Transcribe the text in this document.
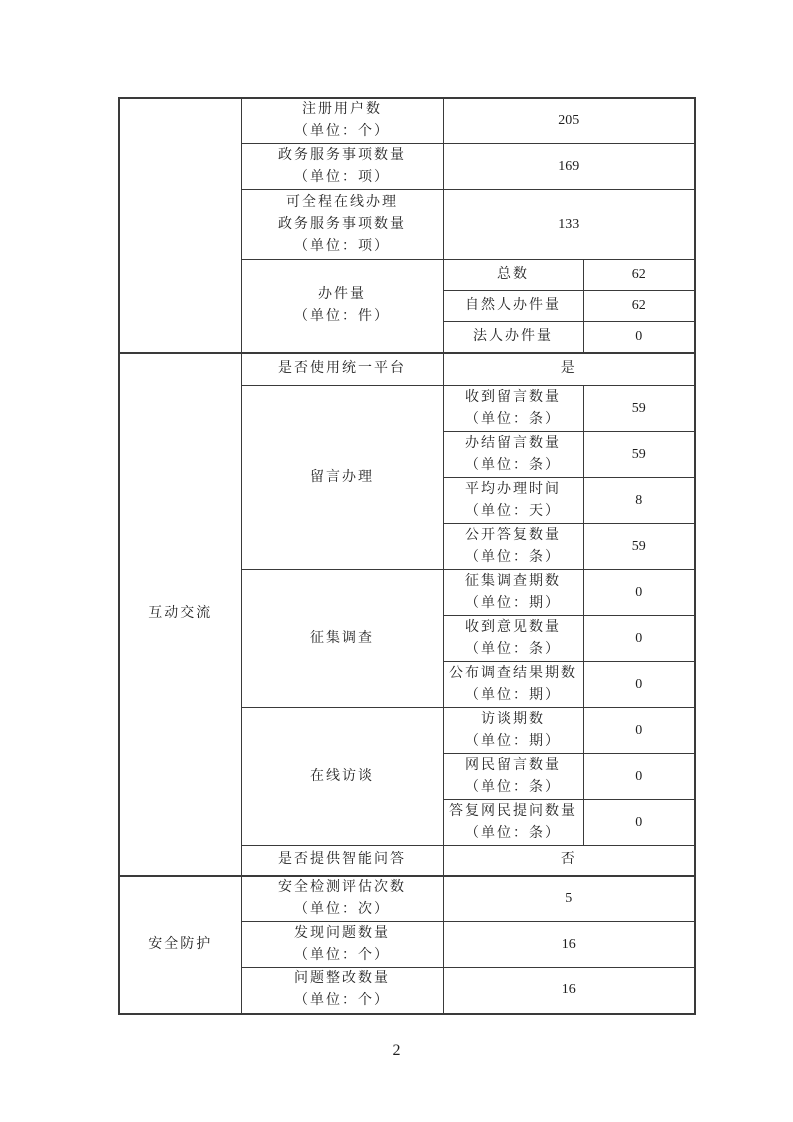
	注册用户数
（单位：个）	205	

	政务服务事项数量
（单位：项）	169	

	可全程在线办理
政务服务事项数量
（单位：项）	133	

	办件量
（单位：件）	总数	62
		自然人办件量	62
		法人办件量	0
互动交流	是否使用统一平台	是	
	留言办理	收到留言数量
（单位：条）	59

		办结留言数量
（单位：条）	59

		平均办理时间
（单位：天）	8

		公开答复数量
（单位：条）	59
	征集调查	征集调查期数
（单位：期）	0

		收到意见数量
（单位：条）	0

		公布调查结果期数
（单位：期）	0
	在线访谈	访谈期数
（单位：期）	0

		网民留言数量
（单位：条）	0

		答复网民提问数量
（单位：条）	0
	是否提供智能问答	否	
安全防护	安全检测评估次数
（单位：次）	5	

	发现问题数量
（单位：个）	16	

	问题整改数量
（单位：个）	16	
2
